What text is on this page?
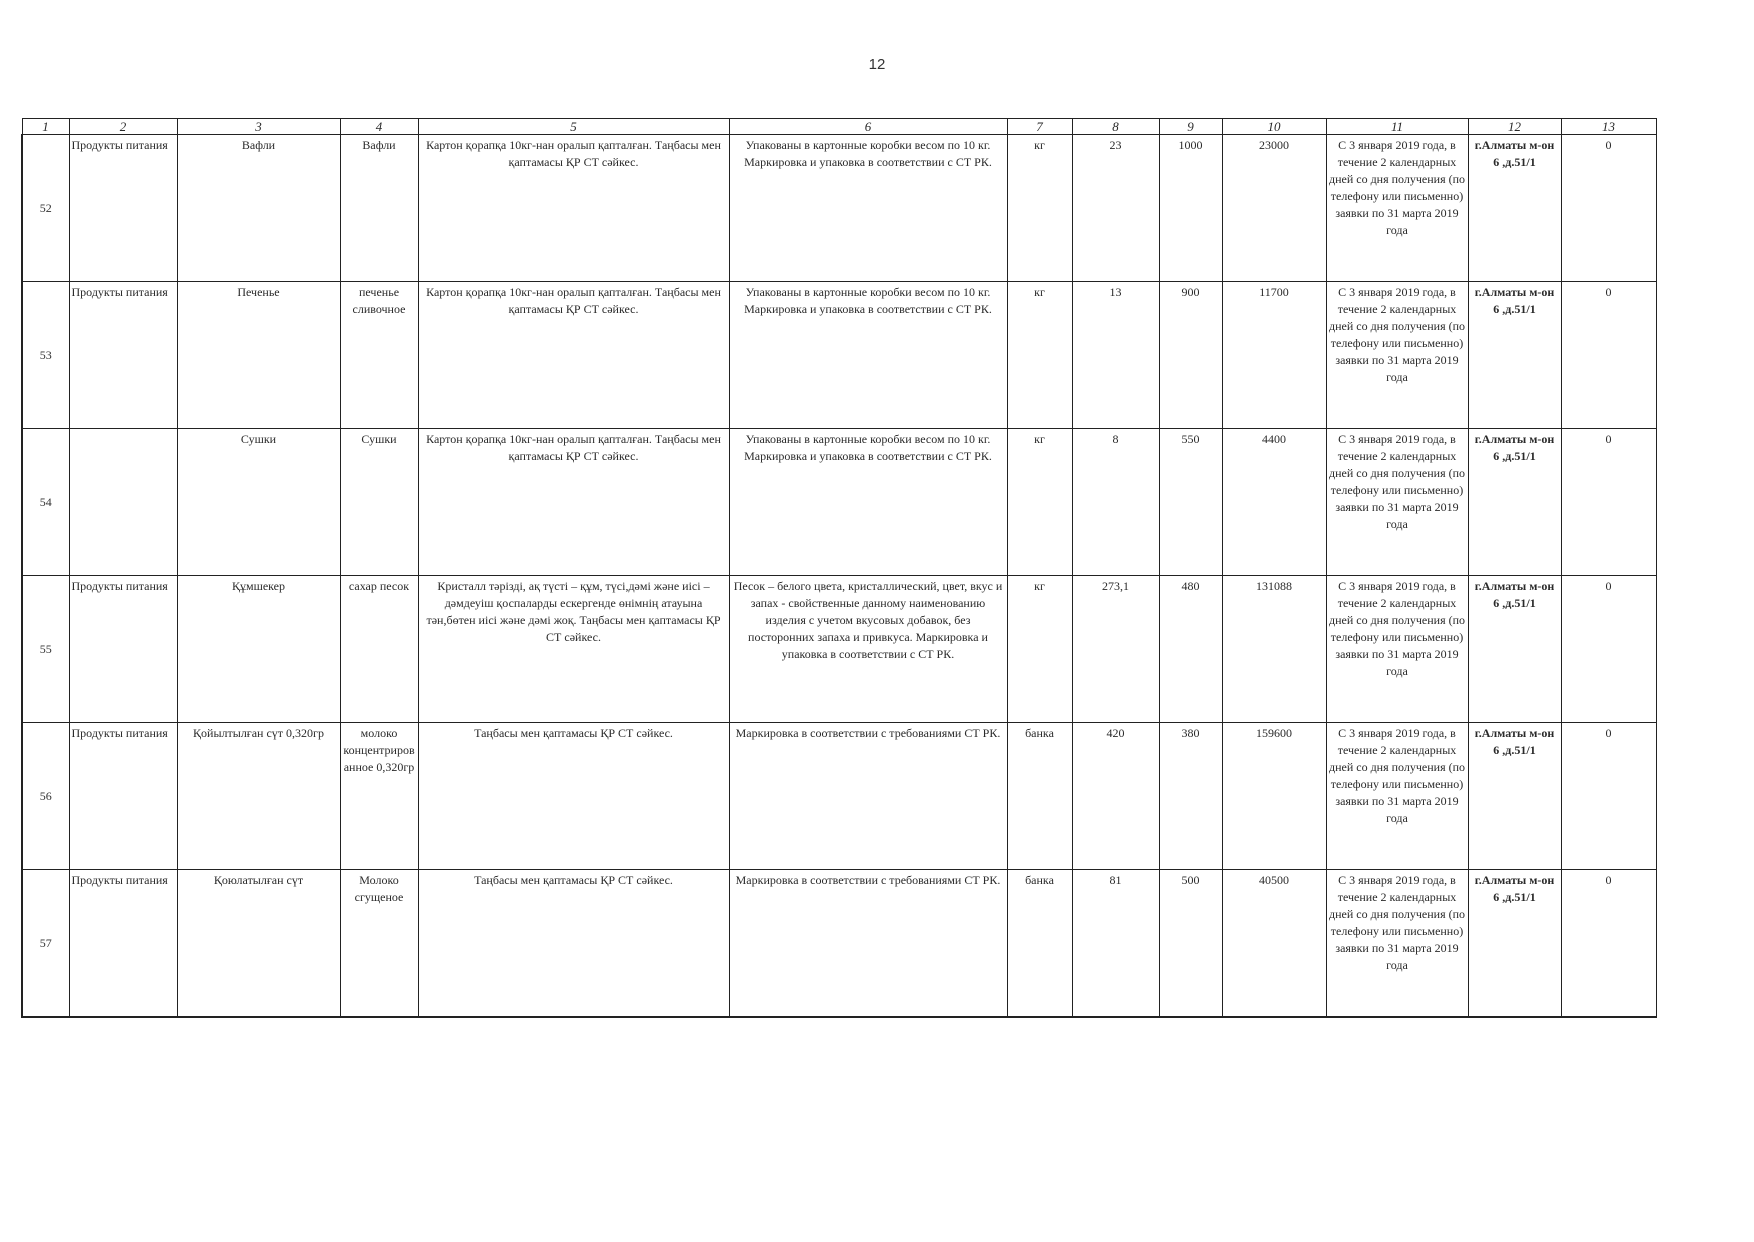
12
1	2	3	4	5	6	7	8	9	10	11	12	13
52	Продукты питания	Вафли	Вафли	Картон қорапқа 10кг-нан оралып қапталған. Таңбасы мен қаптамасы ҚР СТ сәйкес.	Упакованы в картонные коробки весом по 10 кг. Маркировка и упаковка в соответствии с СТ РК.	кг	23	1000	23000	С 3 января 2019 года, в течение 2 календарных дней со дня получения (по телефону или письменно) заявки по 31 марта 2019 года	г.Алматы м-он 6 ,д.51/1	0
53	Продукты питания	Печенье	печенье сливочное	Картон қорапқа 10кг-нан оралып қапталған. Таңбасы мен қаптамасы ҚР СТ сәйкес.	Упакованы в картонные коробки весом по 10 кг. Маркировка и упаковка в соответствии с СТ РК.	кг	13	900	11700	С 3 января 2019 года, в течение 2 календарных дней со дня получения (по телефону или письменно) заявки по 31 марта 2019 года	г.Алматы м-он 6 ,д.51/1	0
54		Сушки	Сушки	Картон қорапқа 10кг-нан оралып қапталған. Таңбасы мен қаптамасы ҚР СТ сәйкес.	Упакованы в картонные коробки весом по 10 кг. Маркировка и упаковка в соответствии с СТ РК.	кг	8	550	4400	С 3 января 2019 года, в течение 2 календарных дней со дня получения (по телефону или письменно) заявки по 31 марта 2019 года	г.Алматы м-он 6 ,д.51/1	0
55	Продукты питания	Құмшекер	сахар песок	Кристалл тәрізді, ақ түсті – құм, түсі,дәмі және иісі – дәмдеуіш қоспаларды ескергенде өнімнің атауына тән,бөтен иісі және дәмі жоқ. Таңбасы мен қаптамасы ҚР СТ сәйкес.	Песок – белого цвета, кристаллический, цвет, вкус и запах - свойственные данному наименованию изделия с учетом вкусовых добавок, без посторонних запаха и привкуса. Маркировка и упаковка в соответствии с СТ РК.	кг	273,1	480	131088	С 3 января 2019 года, в течение 2 календарных дней со дня получения (по телефону или письменно) заявки по 31 марта 2019 года	г.Алматы м-он 6 ,д.51/1	0
56	Продукты питания	Қойылтылған сүт 0,320гр	молоко концентрированное 0,320гр	Таңбасы мен қаптамасы ҚР СТ сәйкес.	Маркировка в соответствии с требованиями СТ РК.	банка	420	380	159600	С 3 января 2019 года, в течение 2 календарных дней со дня получения (по телефону или письменно) заявки по 31 марта 2019 года	г.Алматы м-он 6 ,д.51/1	0
57	Продукты питания	Қоюлатылған сүт	Молоко сгущеное	Таңбасы мен қаптамасы ҚР СТ сәйкес.	Маркировка в соответствии с требованиями СТ РК.	банка	81	500	40500	С 3 января 2019 года, в течение 2 календарных дней со дня получения (по телефону или письменно) заявки по 31 марта 2019 года	г.Алматы м-он 6 ,д.51/1	0
